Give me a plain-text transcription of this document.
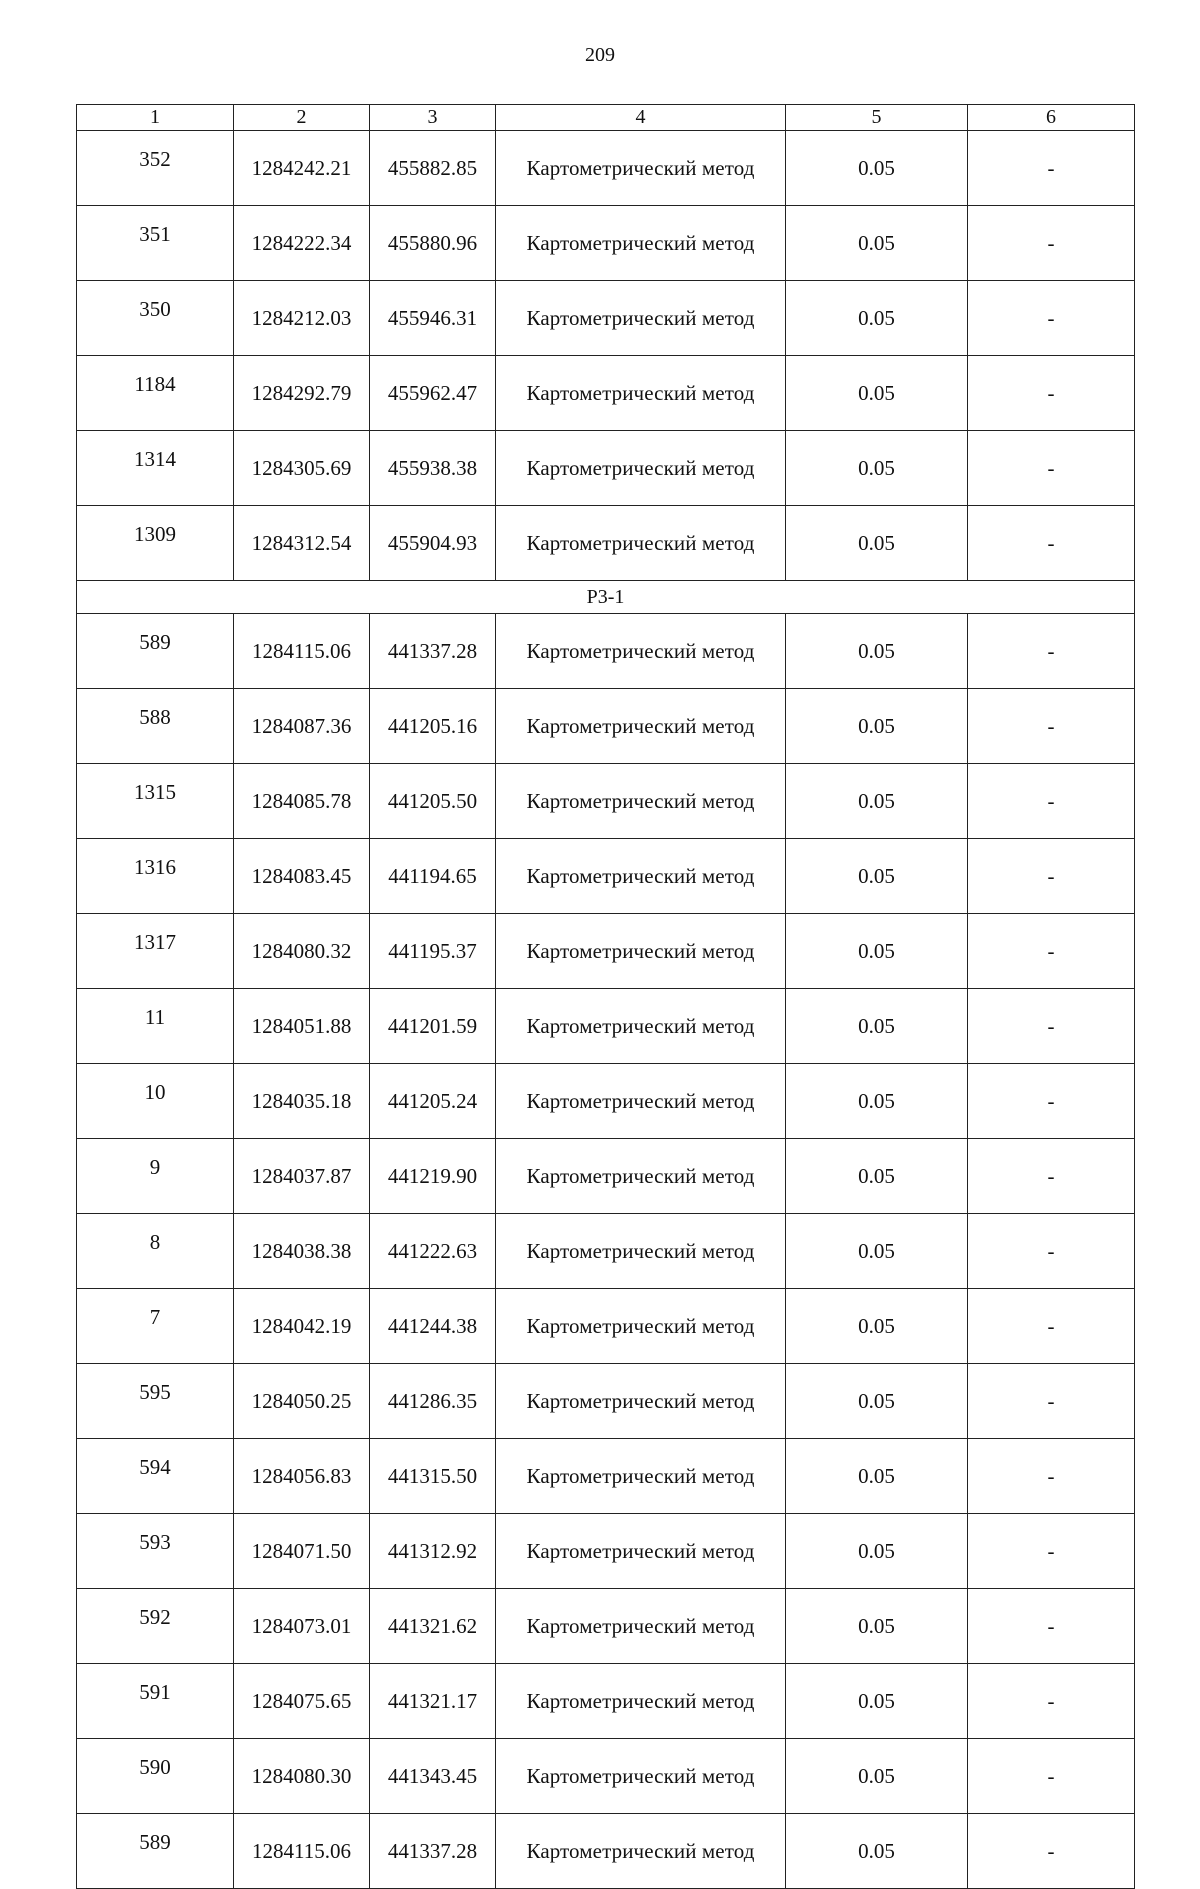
209
1	2	3	4	5	6
352	1284242.21	455882.85	Картометрический метод	0.05	-
351	1284222.34	455880.96	Картометрический метод	0.05	-
350	1284212.03	455946.31	Картометрический метод	0.05	-
1184	1284292.79	455962.47	Картометрический метод	0.05	-
1314	1284305.69	455938.38	Картометрический метод	0.05	-
1309	1284312.54	455904.93	Картометрический метод	0.05	-
Р3-1					
589	1284115.06	441337.28	Картометрический метод	0.05	-
588	1284087.36	441205.16	Картометрический метод	0.05	-
1315	1284085.78	441205.50	Картометрический метод	0.05	-
1316	1284083.45	441194.65	Картометрический метод	0.05	-
1317	1284080.32	441195.37	Картометрический метод	0.05	-
11	1284051.88	441201.59	Картометрический метод	0.05	-
10	1284035.18	441205.24	Картометрический метод	0.05	-
9	1284037.87	441219.90	Картометрический метод	0.05	-
8	1284038.38	441222.63	Картометрический метод	0.05	-
7	1284042.19	441244.38	Картометрический метод	0.05	-
595	1284050.25	441286.35	Картометрический метод	0.05	-
594	1284056.83	441315.50	Картометрический метод	0.05	-
593	1284071.50	441312.92	Картометрический метод	0.05	-
592	1284073.01	441321.62	Картометрический метод	0.05	-
591	1284075.65	441321.17	Картометрический метод	0.05	-
590	1284080.30	441343.45	Картометрический метод	0.05	-
589	1284115.06	441337.28	Картометрический метод	0.05	-
